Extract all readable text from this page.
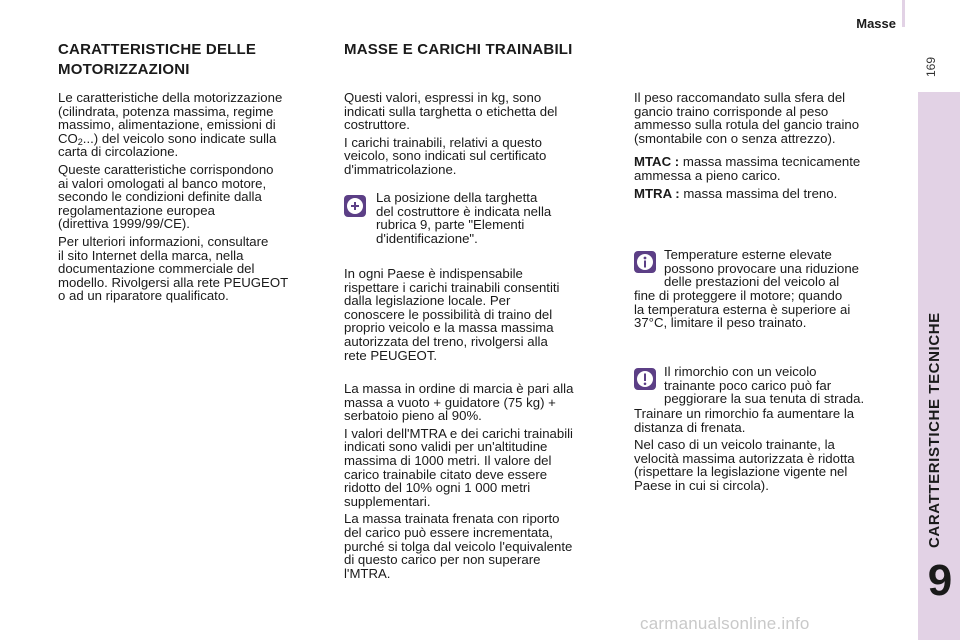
Masse
169
CARATTERISTICHE TECNICHE
9
CARATTERISTICHE DELLE
MOTORIZZAZIONI

Le caratteristiche della motorizzazione
(cilindrata, potenza massima, regime
massimo, alimentazione, emissioni di
$CO_2$...) del veicolo sono indicate sulla
carta di circolazione.

Queste caratteristiche corrispondono
ai valori omologati al banco motore,
secondo le condizioni definite dalla
regolamentazione europea
(direttiva 1999/99/CE).

Per ulteriori informazioni, consultare
il sito Internet della marca, nella
documentazione commerciale del
modello. Rivolgersi alla rete PEUGEOT
o ad un riparatore qualificato.

MASSE E CARICHI TRAINABILI

Questi valori, espressi in kg, sono
indicati sulla targhetta o etichetta del
costruttore.

I carichi trainabili, relativi a questo
veicolo, sono indicati sul certificato
d'immatricolazione.

La posizione della targhetta
del costruttore è indicata nella
rubrica 9, parte "Elementi
d'identificazione".

In ogni Paese è indispensabile
rispettare i carichi trainabili consentiti
dalla legislazione locale. Per
conoscere le possibilità di traino del
proprio veicolo e la massa massima
autorizzata del treno, rivolgersi alla
rete PEUGEOT.

La massa in ordine di marcia è pari alla
massa a vuoto + guidatore (75 kg) +
serbatoio pieno al 90%.

I valori dell'MTRA e dei carichi trainabili
indicati sono validi per un'altitudine
massima di 1000 metri. Il valore del
carico trainabile citato deve essere
ridotto del 10% ogni 1 000 metri
supplementari.

La massa trainata frenata con riporto
del carico può essere incrementata,
purché si tolga dal veicolo l'equivalente
di questo carico per non superare
l'MTRA.

Il peso raccomandato sulla sfera del
gancio traino corrisponde al peso
ammesso sulla rotula del gancio traino
(smontabile con o senza attrezzo).

MTAC : massa massima tecnicamente
ammessa a pieno carico.

MTRA : massa massima del treno.

Temperature esterne elevate
possono provocare una riduzione
delle prestazioni del veicolo al

fine di proteggere il motore; quando
la temperatura esterna è superiore ai
37°C, limitare il peso trainato.

Il rimorchio con un veicolo
trainante poco carico può far
peggiorare la sua tenuta di strada.

Trainare un rimorchio fa aumentare la
distanza di frenata.

Nel caso di un veicolo trainante, la
velocità massima autorizzata è ridotta
(rispettare la legislazione vigente nel
Paese in cui si circola).

carmanualsonline.info
